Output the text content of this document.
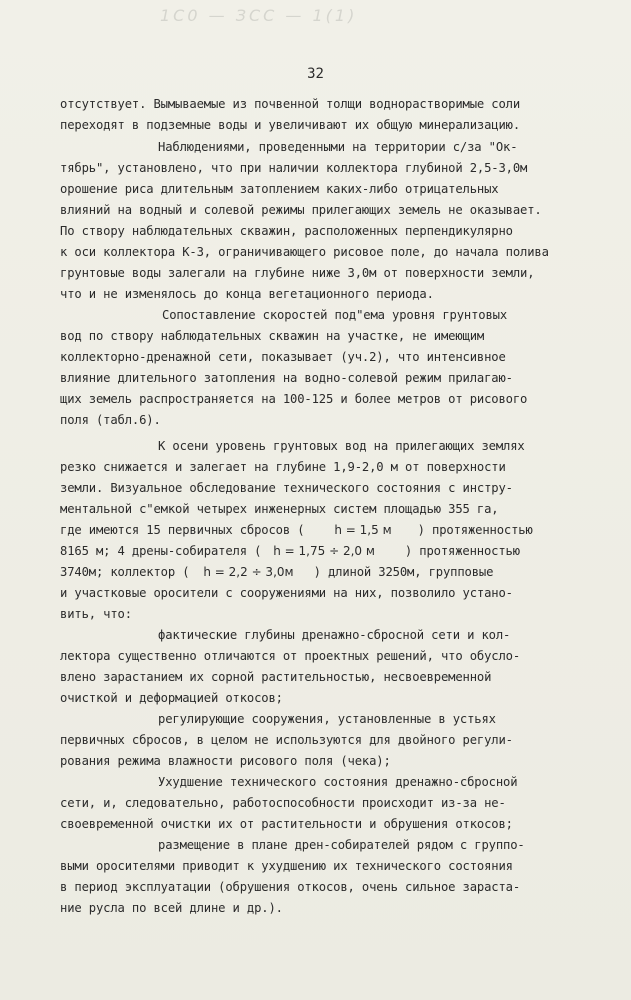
1С0 — ЗСС — 1(1)
32
отсутствует. Вымываемые из почвенной толщи воднорастворимые соли
переходят в подземные воды и увеличивают их общую минерализацию.
Наблюдениями, проведенными на территории с/за "Ок-
тябрь", установлено, что при наличии коллектора глубиной 2,5-3,0м
орошение риса длительным затоплением каких-либо отрицательных
влияний на водный и солевой режимы прилегающих земель не оказывает.
По створу наблюдательных скважин, расположенных перпендикулярно
к оси коллектора К-3, ограничивающего рисовое поле, до начала полива
грунтовые воды залегали на глубине ниже 3,0м от поверхности земли,
что и не изменялось до конца вегетационного периода.
Сопоставление скоростей под"ема уровня грунтовых
вод по створу наблюдательных скважин на участке, не имеющим
коллекторно-дренажной сети, показывает (уч.2), что интенсивное
влияние длительного затопления на водно-солевой режим прилагаю-
щих земель распространяется на 100-125 и более метров от рисового
поля (табл.6).
К осени уровень грунтовых вод на прилегающих землях
резко снижается и залегает на глубине 1,9-2,0 м от поверхности
земли. Визуальное обследование технического состояния с инстру-
ментальной с"емкой четырех инженерных систем площадью 355 га,
где имеются 15 первичных сбросов (	h = 1,5 м ) протяженностью
8165 м; 4 дрены-собирателя ( h = 1,75 ÷ 2,0 м ) протяженностью
3740м; коллектор ( h = 2,2 ÷ 3,0м ) длиной 3250м, групповые
и участковые оросители с сооружениями на них, позволило устано-
вить, что:
фактические глубины дренажно-сбросной сети и кол-
лектора существенно отличаются от проектных решений, что обусло-
влено зарастанием их сорной растительностью, несвоевременной
очисткой и деформацией откосов;
регулирующие сооружения, установленные в устьях
первичных сбросов, в целом не используются для двойного регули-
рования режима влажности рисового поля (чека);
Ухудшение технического состояния дренажно-сбросной
сети, и, следовательно, работоспособности происходит из-за не-
своевременной очистки их от растительности и обрушения откосов;
размещение в плане дрен-собирателей рядом с группо-
выми оросителями приводит к ухудшению их технического состояния
в период эксплуатации (обрушения откосов, очень сильное зараста-
ние русла по всей длине и др.).
